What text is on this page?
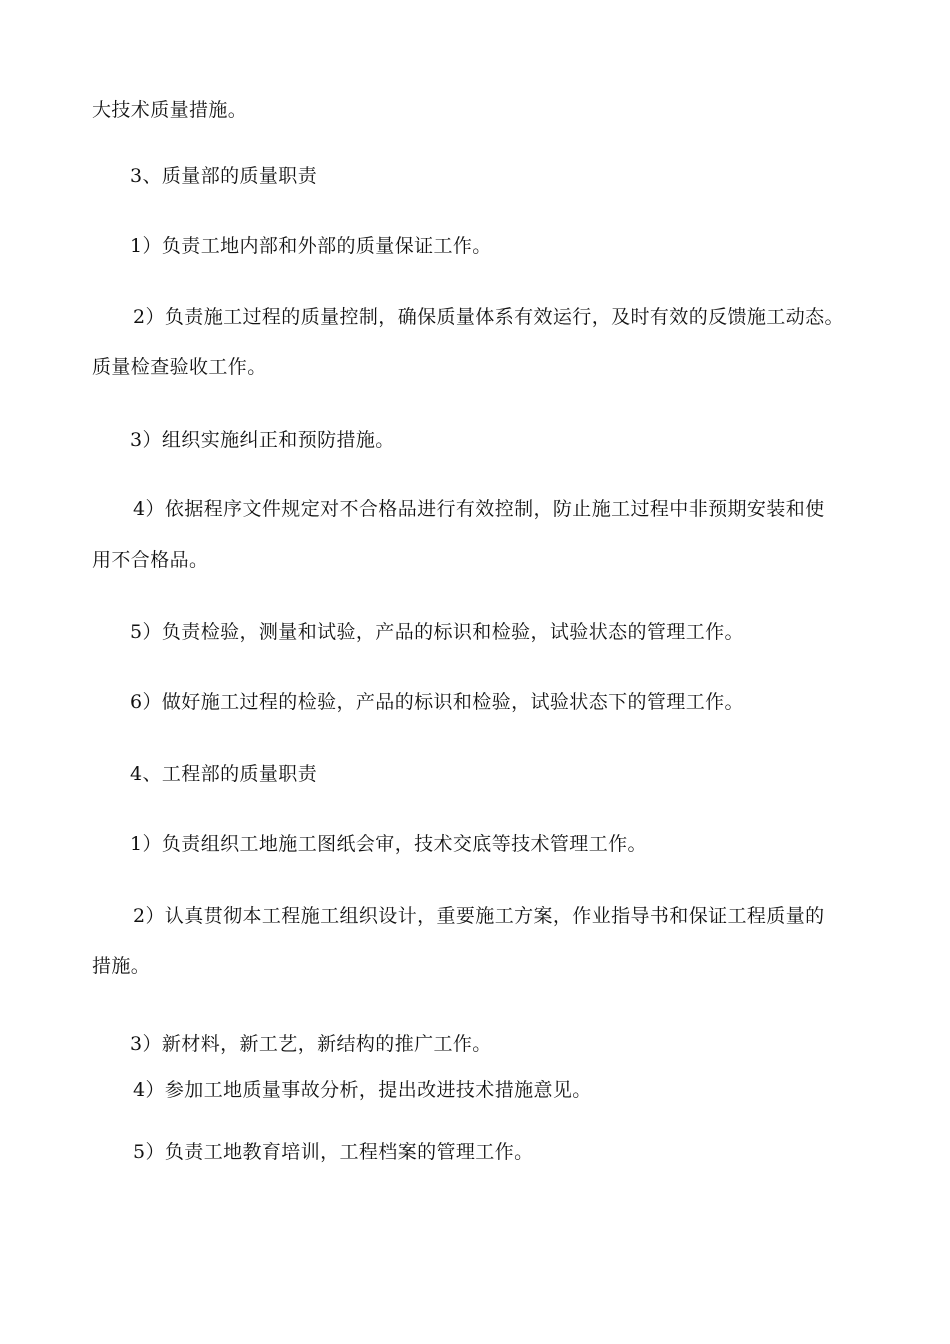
大技术质量措施。
3、质量部的质量职责
1）负责工地内部和外部的质量保证工作。
2）负责施工过程的质量控制，确保质量体系有效运行，及时有效的反馈施工动态。
质量检查验收工作。
3）组织实施纠正和预防措施。
4）依据程序文件规定对不合格品进行有效控制，防止施工过程中非预期安装和使
用不合格品。
5）负责检验，测量和试验，产品的标识和检验，试验状态的管理工作。
6）做好施工过程的检验，产品的标识和检验，试验状态下的管理工作。
4、工程部的质量职责
1）负责组织工地施工图纸会审，技术交底等技术管理工作。
2）认真贯彻本工程施工组织设计，重要施工方案，作业指导书和保证工程质量的
措施。
3）新材料，新工艺，新结构的推广工作。
4）参加工地质量事故分析，提出改进技术措施意见。
5）负责工地教育培训，工程档案的管理工作。
